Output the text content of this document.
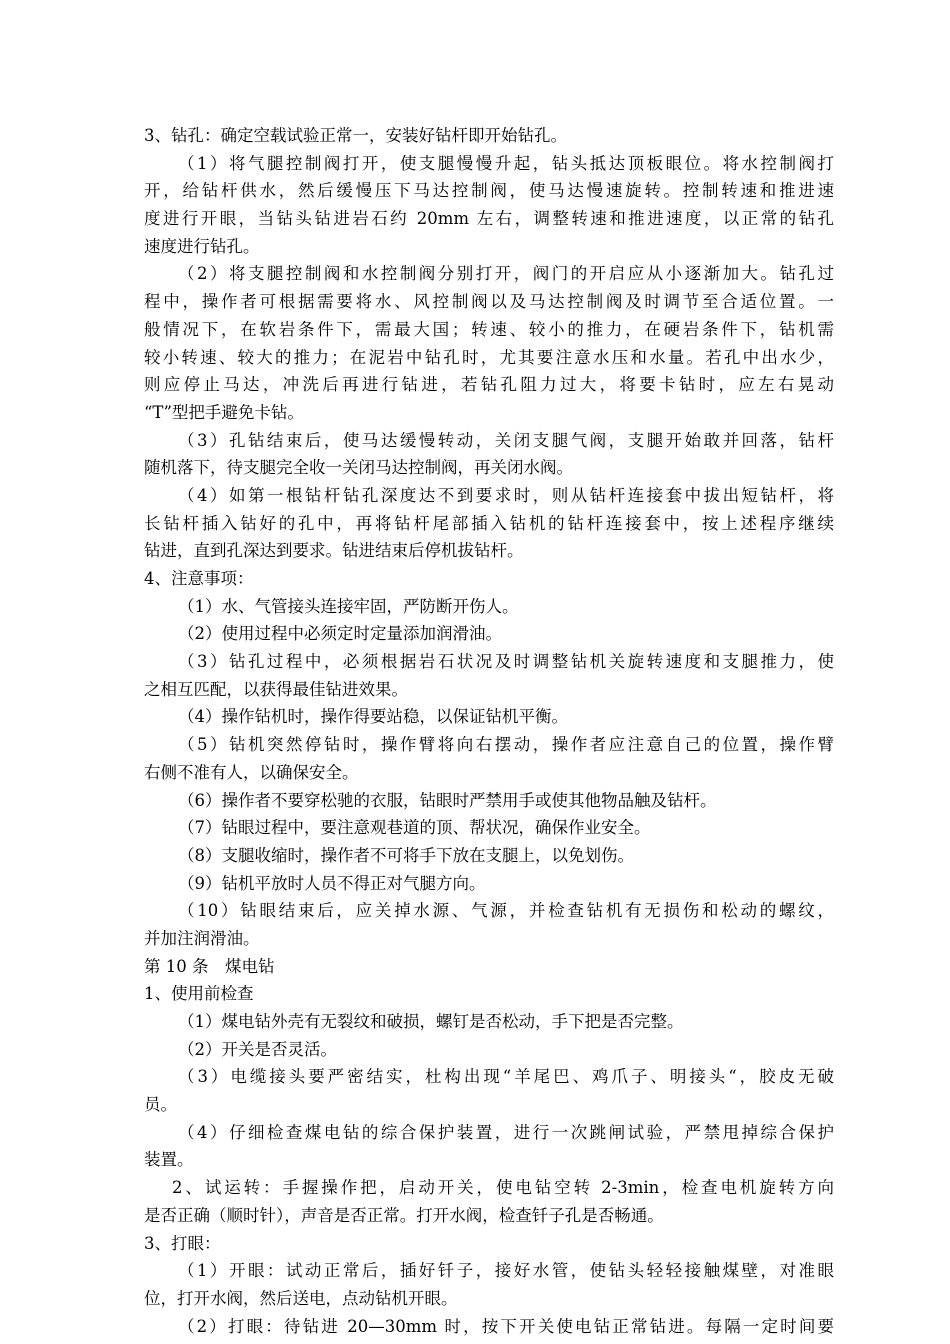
3、钻孔：确定空载试验正常一，安装好钻杆即开始钻孔。
（1）将气腿控制阀打开，使支腿慢慢升起，钻头抵达顶板眼位。将水控制阀打
开，给钻杆供水，然后缓慢压下马达控制阀，使马达慢速旋转。控制转速和推进速
度进行开眼，当钻头钻进岩石约 20mm 左右，调整转速和推进速度，以正常的钻孔
速度进行钻孔。
（2）将支腿控制阀和水控制阀分别打开，阀门的开启应从小逐渐加大。钻孔过
程中，操作者可根据需要将水、风控制阀以及马达控制阀及时调节至合适位置。一
般情况下，在软岩条件下，需最大国；转速、较小的推力，在硬岩条件下，钻机需
较小转速、较大的推力；在泥岩中钻孔时，尤其要注意水压和水量。若孔中出水少，
则应停止马达，冲洗后再进行钻进，若钻孔阻力过大，将要卡钻时，应左右晃动
“T”型把手避免卡钻。
（3）孔钻结束后，使马达缓慢转动，关闭支腿气阀，支腿开始敢并回落，钻杆
随机落下，待支腿完全收一关闭马达控制阀，再关闭水阀。
（4）如第一根钻杆钻孔深度达不到要求时，则从钻杆连接套中拔出短钻杆，将
长钻杆插入钻好的孔中，再将钻杆尾部插入钻机的钻杆连接套中，按上述程序继续
钻进，直到孔深达到要求。钻进结束后停机拔钻杆。
4、注意事项：
（1）水、气管接头连接牢固，严防断开伤人。
（2）使用过程中必须定时定量添加润滑油。
（3）钻孔过程中，必须根据岩石状况及时调整钻机关旋转速度和支腿推力，使
之相互匹配，以获得最佳钻进效果。
（4）操作钻机时，操作得要站稳，以保证钻机平衡。
（5）钻机突然停钻时，操作臂将向右摆动，操作者应注意自己的位置，操作臂
右侧不准有人，以确保安全。
（6）操作者不要穿松驰的衣服，钻眼时严禁用手或使其他物品触及钻杆。
（7）钻眼过程中，要注意观巷道的顶、帮状况，确保作业安全。
（8）支腿收缩时，操作者不可将手下放在支腿上，以免划伤。
（9）钻机平放时人员不得正对气腿方向。
（10）钻眼结束后，应关掉水源、气源，并检查钻机有无损伤和松动的螺纹，
并加注润滑油。
第 10 条　煤电钻
1、使用前检查
（1）煤电钻外壳有无裂纹和破损，螺钉是否松动，手下把是否完整。
（2）开关是否灵活。
（3）电缆接头要严密结实，杜构出现“羊尾巴、鸡爪子、明接头“，胶皮无破
员。
（4）仔细检查煤电钻的综合保护装置，进行一次跳闸试验，严禁甩掉综合保护
装置。
2、试运转：手握操作把，启动开关，使电钻空转 2-3min，检查电机旋转方向
是否正确（顺时针），声音是否正常。打开水阀，检查钎子孔是否畅通。
3、打眼：
（1）开眼：试动正常后，插好钎子，接好水管，使钻头轻轻接触煤壁，对准眼
位，打开水阀，然后送电，点动钻机开眼。
（2）打眼：待钻进 20—30mm 时，按下开关使电钻正常钻进。每隔一定时间要
